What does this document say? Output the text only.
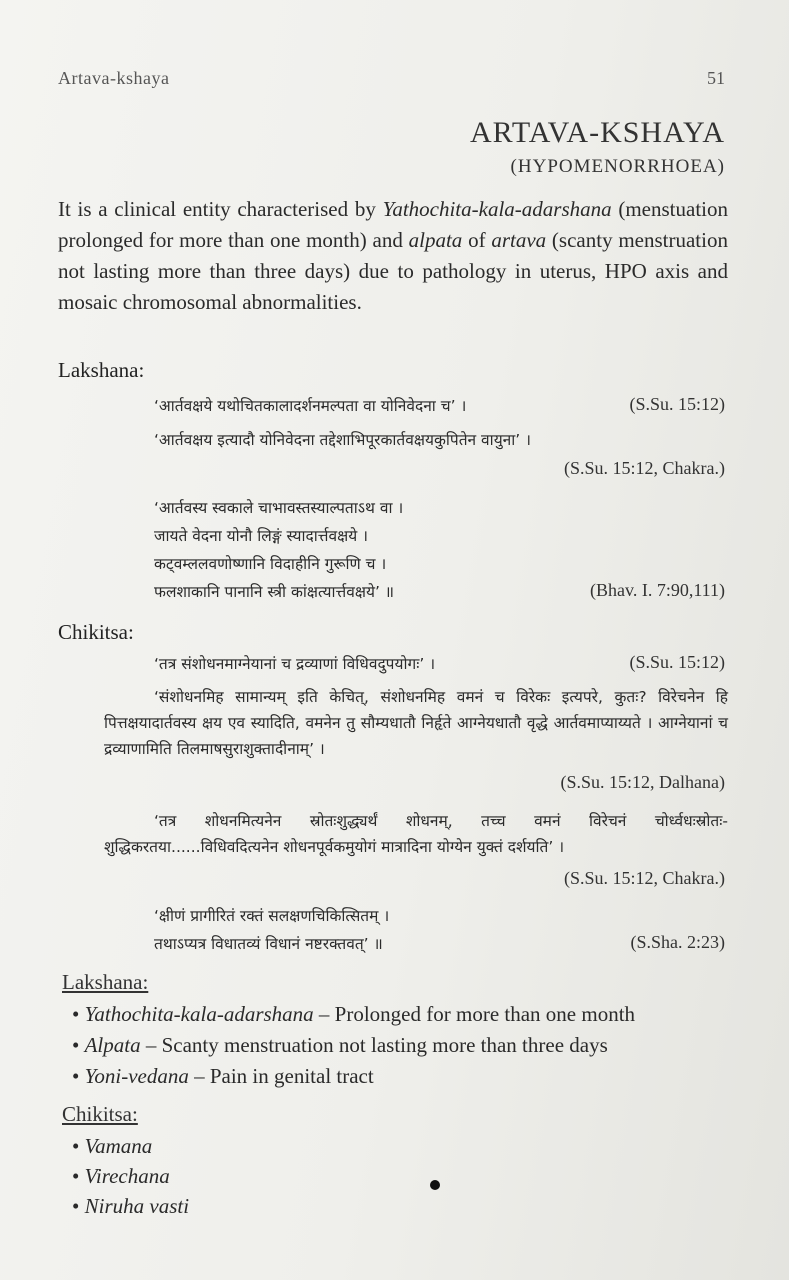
Artava-kshaya	51
ARTAVA-KSHAYA
(HYPOMENORRHOEA)
It is a clinical entity characterised by Yathochita-kala-adarshana (menstuation prolonged for more than one month) and alpata of artava (scanty menstruation not lasting more than three days) due to pathology in uterus, HPO axis and mosaic chromosomal abnormalities.
Lakshana:
‘आर्तवक्षये यथोचितकालादर्शनमल्पता वा योनिवेदना च’ ।	(S.Su. 15:12)
‘आर्तवक्षय इत्यादौ योनिवेदना तद्देशाभिपूरकार्तवक्षयकुपितेन वायुना’ ।
(S.Su. 15:12, Chakra.)
‘आर्तवस्य स्वकाले चाभावस्तस्याल्पताऽथ वा ।
जायते वेदना योनौ लिङ्गं स्यादार्त्तवक्षये ।
कट्वम्ललवणोष्णानि विदाहीनि गुरूणि च ।
फलशाकानि पानानि स्त्री कांक्षत्यार्त्तवक्षये’ ॥	(Bhav. I. 7:90,111)
Chikitsa:
‘तत्र संशोधनमाग्नेयानां च द्रव्याणां विधिवदुपयोगः’ ।	(S.Su. 15:12)
‘संशोधनमिह सामान्यम् इति केचित्, संशोधनमिह वमनं च विरेकः इत्यपरे, कुतः? विरेचनेन हि पित्तक्षयादार्तवस्य क्षय एव स्यादिति, वमनेन तु सौम्यधातौ निर्हृते आग्नेयधातौ वृद्धे आर्तवमाप्याय्यते । आग्नेयानां च द्रव्याणामिति तिलमाषसुराशुक्तादीनाम्’ ।
(S.Su. 15:12, Dalhana)
‘तत्र शोधनमित्यनेन स्रोतःशुद्ध्यर्थं शोधनम्, तच्च वमनं विरेचनं चोर्ध्वधःस्रोतः-शुद्धिकरतया......विधिवदित्यनेन शोधनपूर्वकमुयोगं मात्रादिना योग्येन युक्तं दर्शयति’ ।
(S.Su. 15:12, Chakra.)
‘क्षीणं प्रागीरितं रक्तं सलक्षणचिकित्सितम् ।
तथाऽप्यत्र विधातव्यं विधानं नष्टरक्तवत्’ ॥	(S.Sha. 2:23)
Lakshana:
• Yathochita-kala-adarshana – Prolonged for more than one month
• Alpata – Scanty menstruation not lasting more than three days
• Yoni-vedana – Pain in genital tract
Chikitsa:
• Vamana
• Virechana
• Niruha vasti
